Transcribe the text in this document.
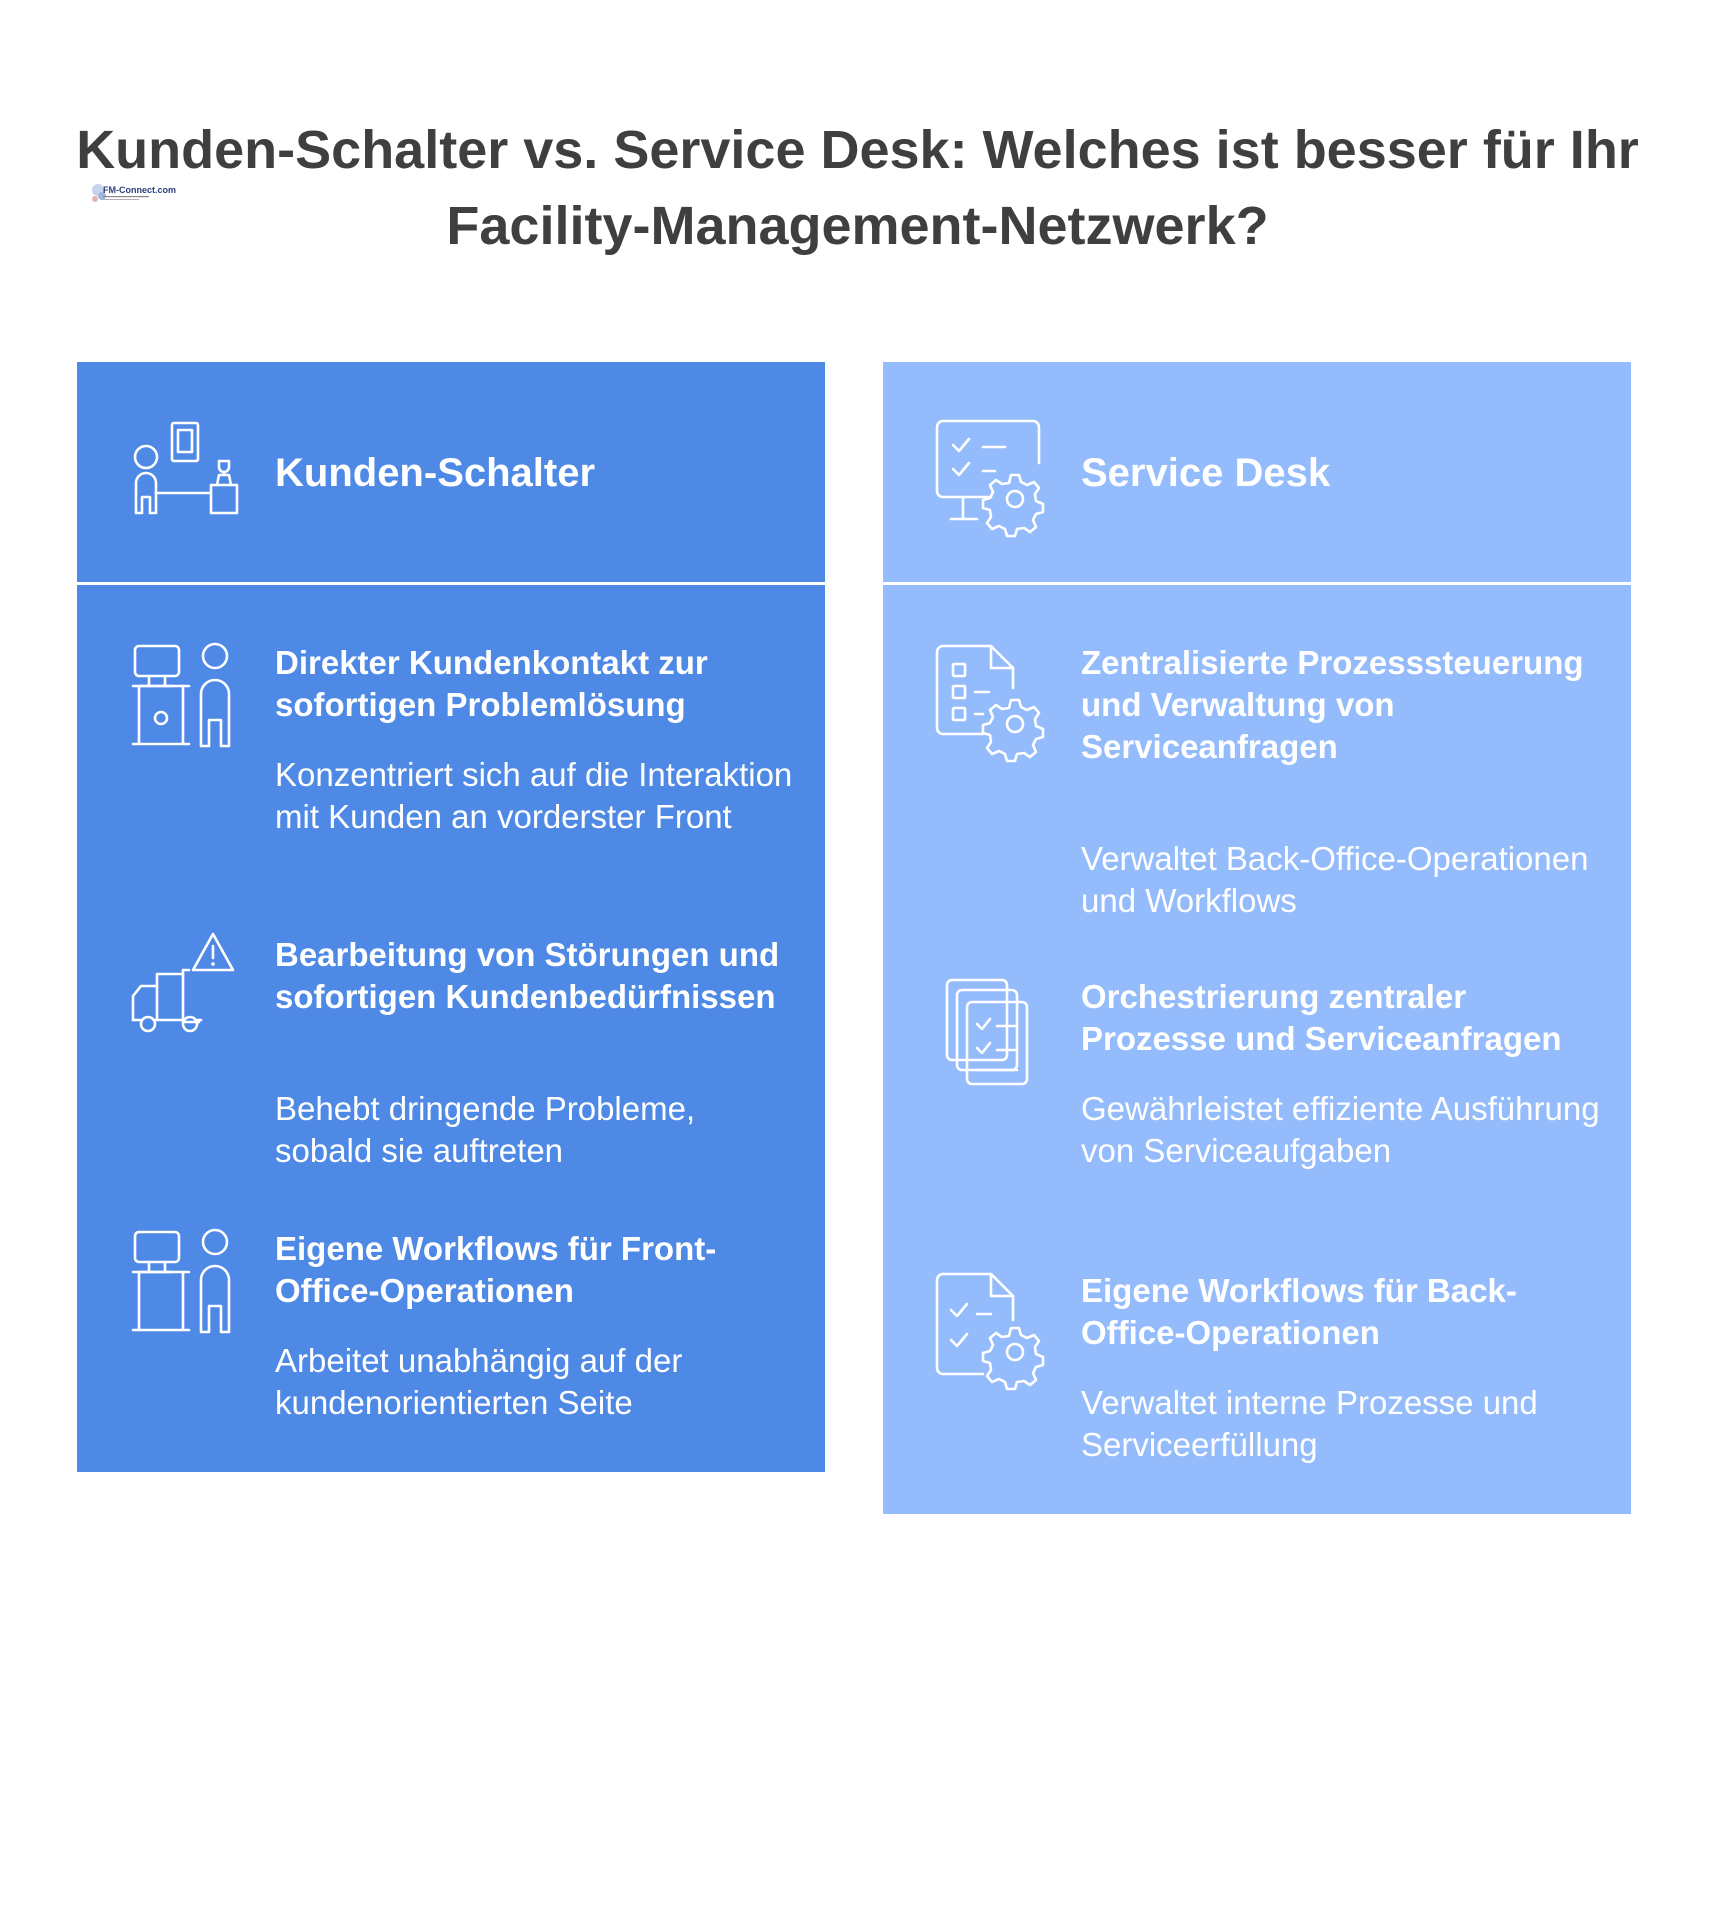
Kunden-Schalter vs. Service Desk: Welches ist besser für Ihr Facility-Management-Netzwerk?
FM-Connect.com
Kunden-Schalter
Direkter Kundenkontakt zur sofortigen Problemlösung

Konzentriert sich auf die Interaktion mit Kunden an vorderster Front

Bearbeitung von Störungen und sofortigen Kundenbedürfnissen

Behebt dringende Probleme, sobald sie auftreten

Eigene Workflows für Front-Office-Operationen

Arbeitet unabhängig auf der kundenorientierten Seite

Service Desk
Zentralisierte Prozesssteuerung und Verwaltung von Serviceanfragen

Verwaltet Back-Office-Operationen und Workflows

Orchestrierung zentraler Prozesse und Serviceanfragen

Gewährleistet effiziente Ausführung von Serviceaufgaben

Eigene Workflows für Back-Office-Operationen

Verwaltet interne Prozesse und Serviceerfüllung
